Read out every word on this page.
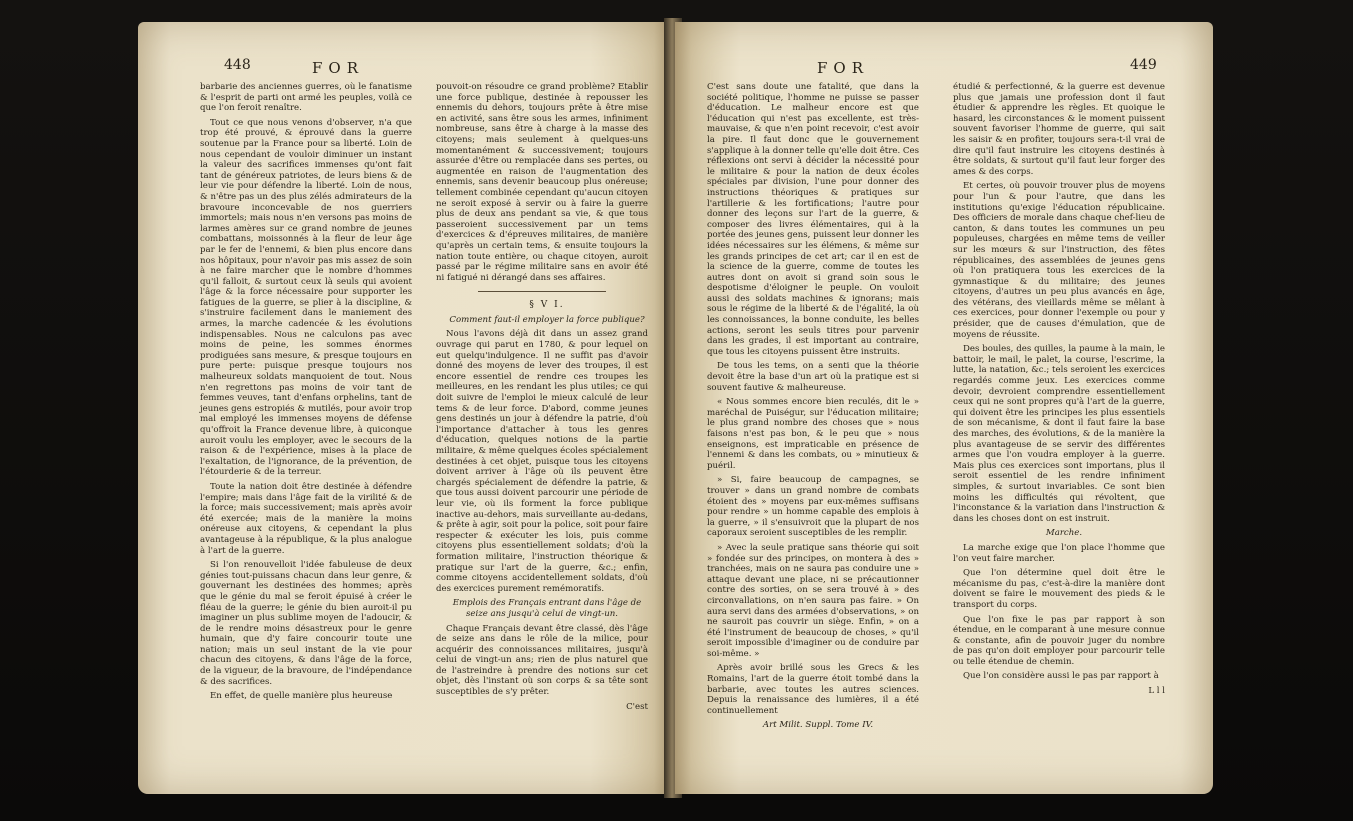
448	FOR

barbarie des anciennes guerres, où le fanatisme & l'esprit de parti ont armé les peuples, voilà ce que l'on feroit renaître.

Tout ce que nous venons d'observer, n'a que trop été prouvé, & éprouvé dans la guerre soutenue par la France pour sa liberté. Loin de nous cependant de vouloir diminuer un instant la valeur des sacrifices immenses qu'ont fait tant de généreux patriotes, de leurs biens & de leur vie pour défendre la liberté. Loin de nous, & n'être pas un des plus zélés admirateurs de la bravoure inconcevable de nos guerriers immortels; mais nous n'en versons pas moins de larmes amères sur ce grand nombre de jeunes combattans, moissonnés à la fleur de leur âge par le fer de l'ennemi, & bien plus encore dans nos hôpitaux, pour n'avoir pas mis assez de soin à ne faire marcher que le nombre d'hommes qu'il falloit, & surtout ceux là seuls qui avoient l'âge & la force nécessaire pour supporter les fatigues de la guerre, se plier à la discipline, & s'instruire facilement dans le maniement des armes, la marche cadencée & les évolutions indispensables. Nous ne calculons pas avec moins de peine, les sommes énormes prodiguées sans mesure, & presque toujours en pure perte: puisque presque toujours nos malheureux soldats manquoient de tout. Nous n'en regrettons pas moins de voir tant de femmes veuves, tant d'enfans orphelins, tant de jeunes gens estropiés & mutilés, pour avoir trop mal employé les immenses moyens de défense qu'offroit la France devenue libre, à quiconque auroit voulu les employer, avec le secours de la raison & de l'expérience, mises à la place de l'exaltation, de l'ignorance, de la prévention, de l'étourderie & de la terreur.

Toute la nation doit être destinée à défendre l'empire; mais dans l'âge fait de la virilité & de la force; mais successivement; mais après avoir été exercée; mais de la manière la moins onéreuse aux citoyens, & cependant la plus avantageuse à la république, & la plus analogue à l'art de la guerre.

Si l'on renouvelloit l'idée fabuleuse de deux génies tout-puissans chacun dans leur genre, & gouvernant les destinées des hommes; après que le génie du mal se feroit épuisé à créer le fléau de la guerre; le génie du bien auroit-il pu imaginer un plus sublime moyen de l'adoucir, & de le rendre moins désastreux pour le genre humain, que d'y faire concourir toute une nation; mais un seul instant de la vie pour chacun des citoyens, & dans l'âge de la force, de la vigueur, de la bravoure, de l'indépendance & des sacrifices.

En effet, de quelle manière plus heureuse

pouvoit-on résoudre ce grand problème? Etablir une force publique, destinée à repousser les ennemis du dehors, toujours prête à être mise en activité, sans être sous les armes, infiniment nombreuse, sans être à charge à la masse des citoyens; mais seulement à quelques-uns momentanément & successivement; toujours assurée d'être ou remplacée dans ses pertes, ou augmentée en raison de l'augmentation des ennemis, sans devenir beaucoup plus onéreuse; tellement combinée cependant qu'aucun citoyen ne seroit exposé à servir ou à faire la guerre plus de deux ans pendant sa vie, & que tous passeroient successivement par un tems d'exercices & d'épreuves militaires, de manière qu'après un certain tems, & ensuite toujours la nation toute entière, ou chaque citoyen, auroit passé par le régime militaire sans en avoir été ni fatigué ni dérangé dans ses affaires.

§ V I.

Comment faut-il employer la force publique?

Nous l'avons déjà dit dans un assez grand ouvrage qui parut en 1780, & pour lequel on eut quelqu'indulgence. Il ne suffit pas d'avoir donné des moyens de lever des troupes, il est encore essentiel de rendre ces troupes les meilleures, en les rendant les plus utiles; ce qui doit suivre de l'emploi le mieux calculé de leur tems & de leur force. D'abord, comme jeunes gens destinés un jour à défendre la patrie, d'où l'importance d'attacher à tous les genres d'éducation, quelques notions de la partie militaire, & même quelques écoles spécialement destinées à cet objet, puisque tous les citoyens doivent arriver à l'âge où ils peuvent être chargés spécialement de défendre la patrie, & que tous aussi doivent parcourir une période de leur vie, où ils forment la force publique inactive au-dehors, mais surveillante au-dedans, & prête à agir, soit pour la police, soit pour faire respecter & exécuter les lois, puis comme citoyens plus essentiellement soldats; d'où la formation militaire, l'instruction théorique & pratique sur l'art de la guerre, &c.; enfin, comme citoyens accidentellement soldats, d'où des exercices purement remémoratifs.

Emplois des Français entrant dans l'âge de seize ans jusqu'à celui de vingt-un.

Chaque Français devant être classé, dès l'âge de seize ans dans le rôle de la milice, pour acquérir des connoissances militaires, jusqu'à celui de vingt-un ans; rien de plus naturel que de l'astreindre à prendre des notions sur cet objet, dès l'instant où son corps & sa tête sont susceptibles de s'y prêter.

C'est

FOR	449

C'est sans doute une fatalité, que dans la société politique, l'homme ne puisse se passer d'éducation. Le malheur encore est que l'éducation qui n'est pas excellente, est très-mauvaise, & que n'en point recevoir, c'est avoir la pire. Il faut donc que le gouvernement s'applique à la donner telle qu'elle doit être. Ces réflexions ont servi à décider la nécessité pour le militaire & pour la nation de deux écoles spéciales par division, l'une pour donner des instructions théoriques & pratiques sur l'artillerie & les fortifications; l'autre pour donner des leçons sur l'art de la guerre, & composer des livres élémentaires, qui à la portée des jeunes gens, puissent leur donner les idées nécessaires sur les élémens, & même sur les grands principes de cet art; car il en est de la science de la guerre, comme de toutes les autres dont on avoit si grand soin sous le despotisme d'éloigner le peuple. On vouloit aussi des soldats machines & ignorans; mais sous le régime de la liberté & de l'égalité, la où les connoissances, la bonne conduite, les belles actions, seront les seuls titres pour parvenir dans les grades, il est important au contraire, que tous les citoyens puissent être instruits.

De tous les tems, on a senti que la théorie devoit être la base d'un art où la pratique est si souvent fautive & malheureuse.

« Nous sommes encore bien reculés, dit le » maréchal de Puiségur, sur l'éducation militaire; le plus grand nombre des choses que » nous faisons n'est pas bon, & le peu que » nous enseignons, est impraticable en présence de l'ennemi & dans les combats, ou » minutieux & puéril.

» Si, faire beaucoup de campagnes, se trouver » dans un grand nombre de combats étoient des » moyens par eux-mêmes suffisans pour rendre » un homme capable des emplois à la guerre, » il s'ensuivroit que la plupart de nos caporaux seroient susceptibles de les remplir.

» Avec la seule pratique sans théorie qui soit » fondée sur des principes, on montera à des » tranchées, mais on ne saura pas conduire une » attaque devant une place, ni se précautionner contre des sorties, on se sera trouvé à » des circonvallations, on n'en saura pas faire. » On aura servi dans des armées d'observations, » on ne sauroit pas couvrir un siège. Enfin, » on a été l'instrument de beaucoup de choses, » qu'il seroit impossible d'imaginer ou de conduire par soi-même. »

Après avoir brillé sous les Grecs & les Romains, l'art de la guerre étoit tombé dans la barbarie, avec toutes les autres sciences. Depuis la renaissance des lumières, il a été continuellement

Art Milit. Suppl. Tome IV.

étudié & perfectionné, & la guerre est devenue plus que jamais une profession dont il faut étudier & apprendre les règles. Et quoique le hasard, les circonstances & le moment puissent souvent favoriser l'homme de guerre, qui sait les saisir & en profiter, toujours sera-t-il vrai de dire qu'il faut instruire les citoyens destinés à être soldats, & surtout qu'il faut leur forger des ames & des corps.

Et certes, où pouvoir trouver plus de moyens pour l'un & pour l'autre, que dans les institutions qu'exige l'éducation républicaine. Des officiers de morale dans chaque chef-lieu de canton, & dans toutes les communes un peu populeuses, chargées en même tems de veiller sur les mœurs & sur l'instruction, des fêtes républicaines, des assemblées de jeunes gens où l'on pratiquera tous les exercices de la gymnastique & du militaire; des jeunes citoyens, d'autres un peu plus avancés en âge, des vétérans, des vieillards même se mêlant à ces exercices, pour donner l'exemple ou pour y présider, que de causes d'émulation, que de moyens de réussite.

Des boules, des quilles, la paume à la main, le battoir, le mail, le palet, la course, l'escrime, la lutte, la natation, &c.; tels seroient les exercices regardés comme jeux. Les exercices comme devoir, devroient comprendre essentiellement ceux qui ne sont propres qu'à l'art de la guerre, qui doivent être les principes les plus essentiels de son mécanisme, & dont il faut faire la base des marches, des évolutions, & de la manière la plus avantageuse de se servir des différentes armes que l'on voudra employer à la guerre. Mais plus ces exercices sont importans, plus il seroit essentiel de les rendre infiniment simples, & surtout invariables. Ce sont bien moins les difficultés qui révoltent, que l'inconstance & la variation dans l'instruction & dans les choses dont on est instruit.

Marche.

La marche exige que l'on place l'homme que l'on veut faire marcher.

Que l'on détermine quel doit être le mécanisme du pas, c'est-à-dire la manière dont doivent se faire le mouvement des pieds & le transport du corps.

Que l'on fixe le pas par rapport à son étendue, en le comparant à une mesure connue & constante, afin de pouvoir juger du nombre de pas qu'on doit employer pour parcourir telle ou telle étendue de chemin.

Que l'on considère aussi le pas par rapport à

L l l
